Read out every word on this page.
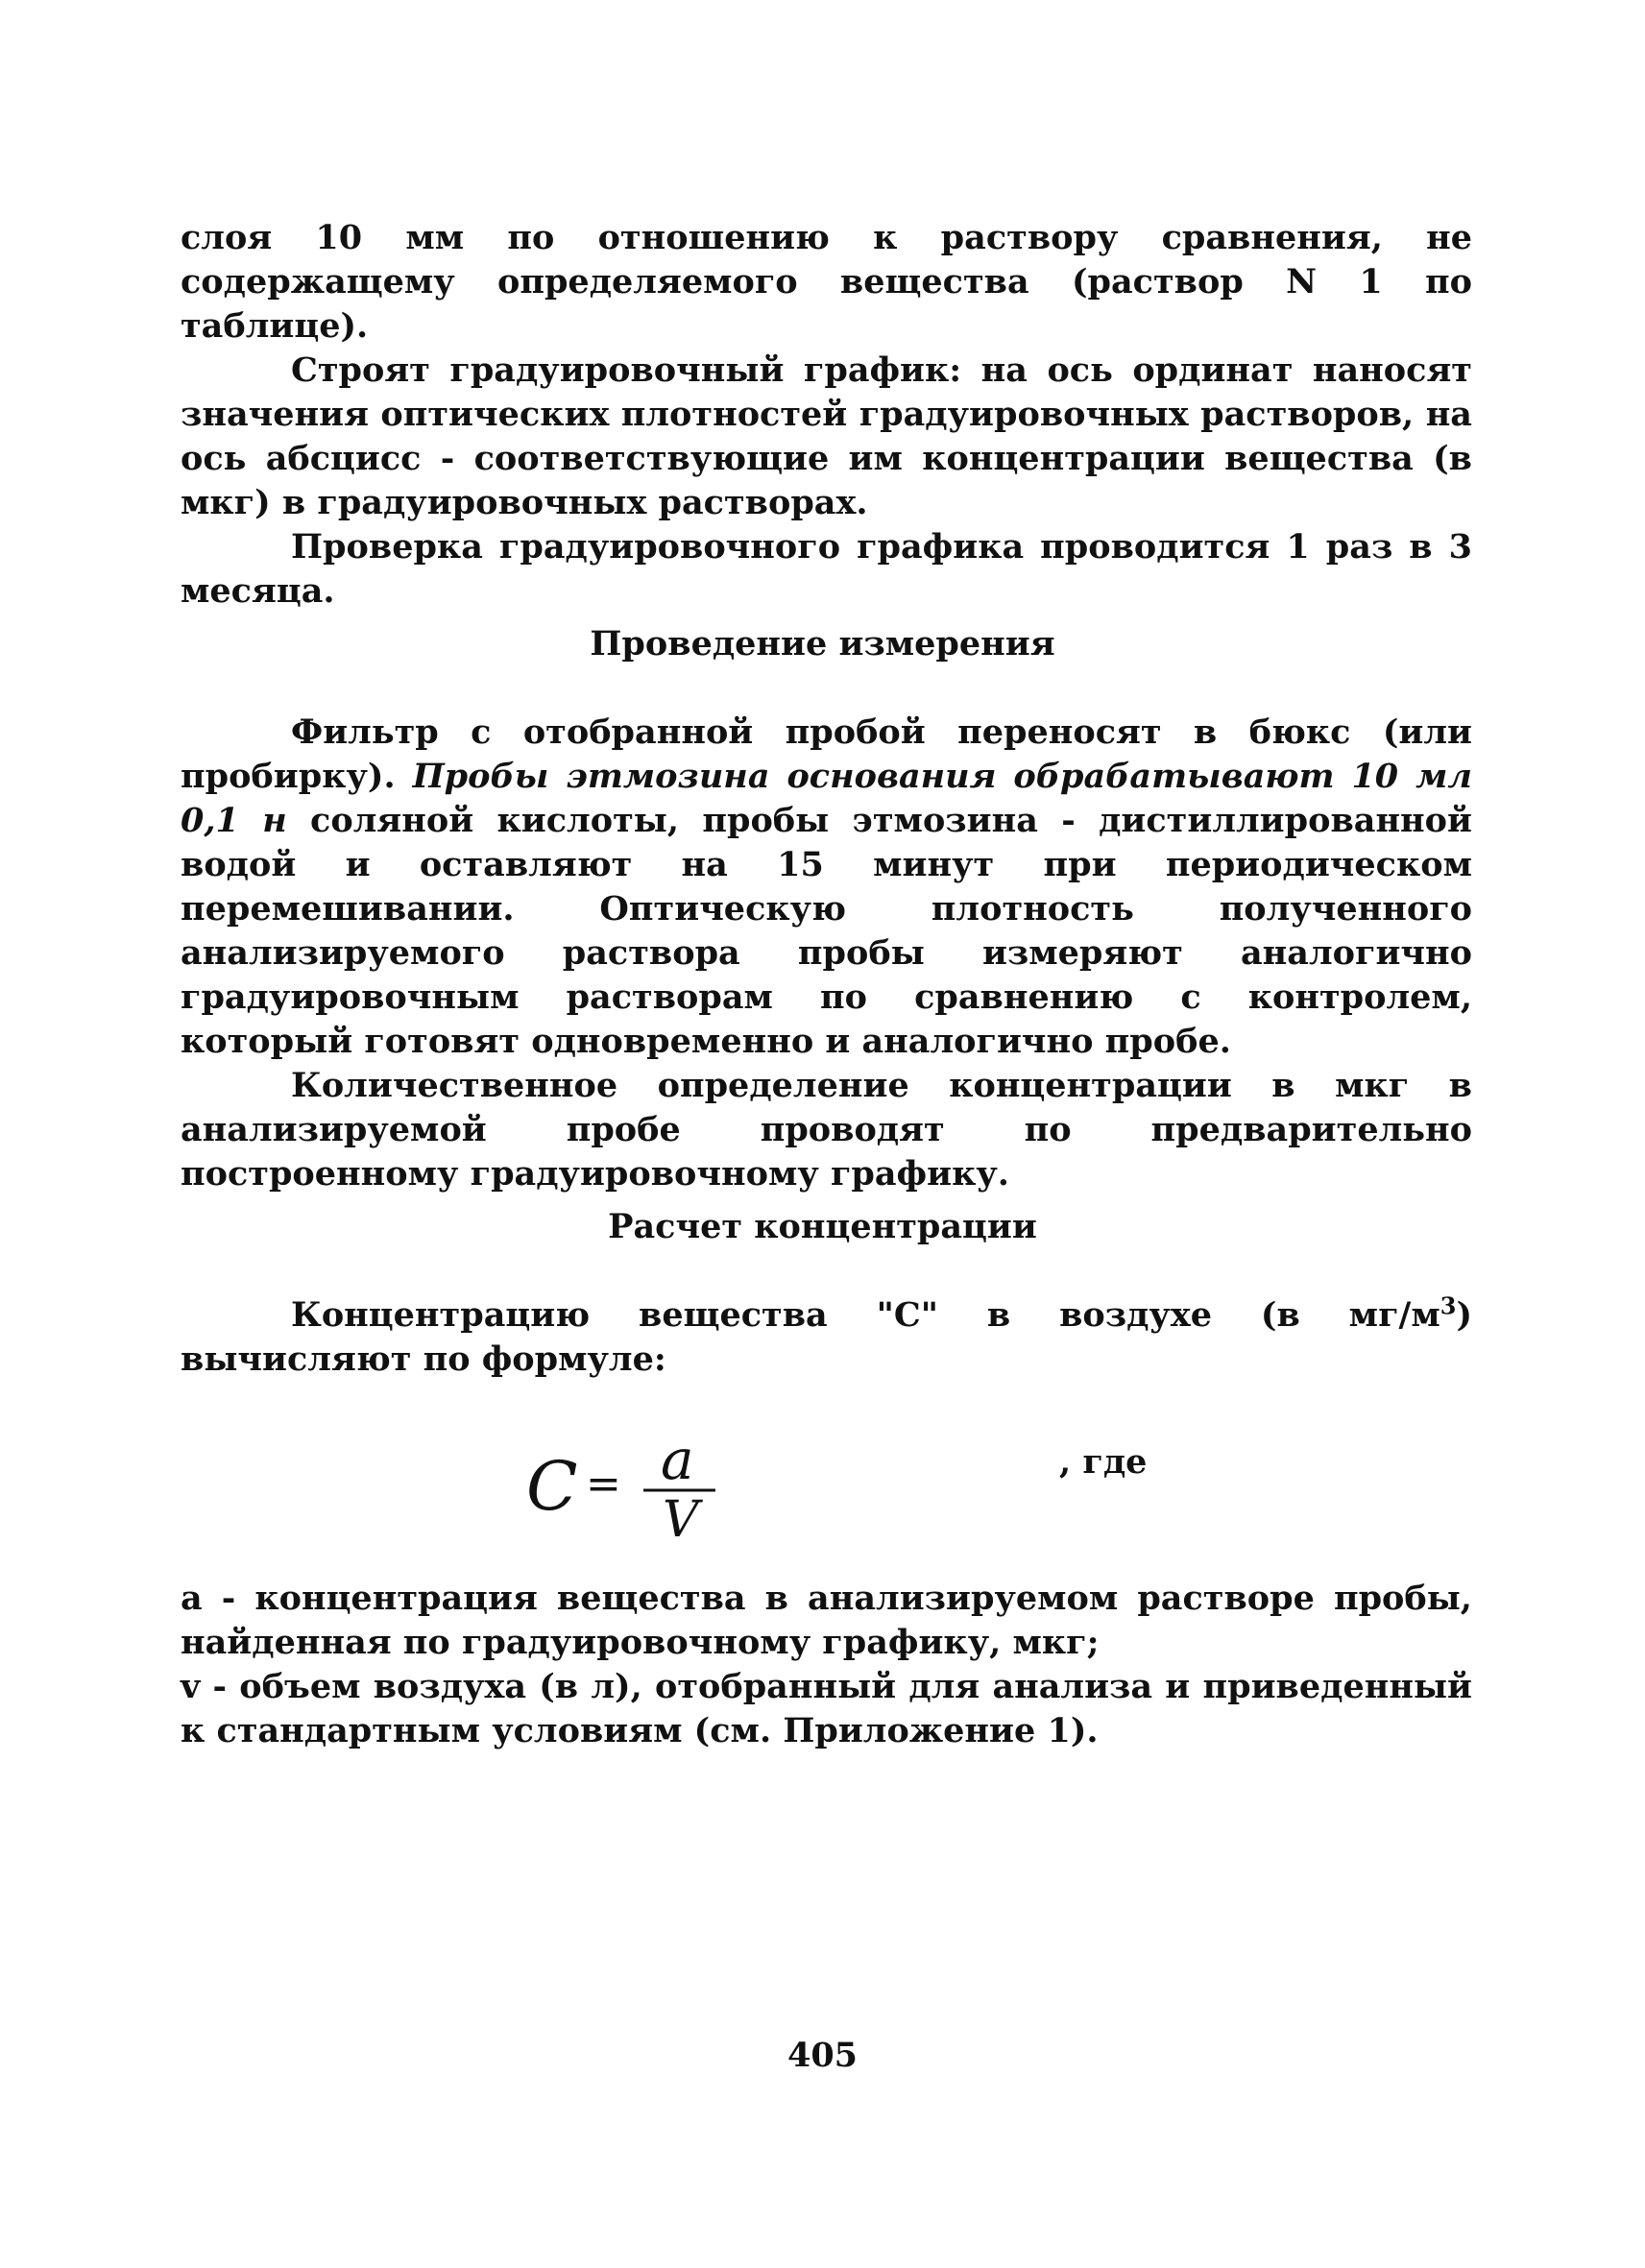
слоя 10 мм по отношению к раствору сравнения, не содержащему определяемого вещества (раствор N 1 по таблице).

Строят градуировочный график: на ось ординат наносят значения оптических плотностей градуировочных растворов, на ось абсцисс - соответствующие им концентрации вещества (в мкг) в градуировочных растворах.

Проверка градуировочного графика проводится 1 раз в 3 месяца.

Проведение измерения

Фильтр с отобранной пробой переносят в бюкс (или пробирку). Пробы этмозина основания обрабатывают 10 мл 0,1 н соляной кислоты, пробы этмозина - дистиллированной водой и оставляют на 15 минут при периодическом перемешивании. Оптическую плотность полученного анализируемого раствора пробы измеряют аналогично градуировочным растворам по сравнению с контролем, который готовят одновременно и аналогично пробе.

Количественное определение концентрации в мкг в анализируемой пробе проводят по предварительно построенному градуировочному графику.

Расчет концентрации

Концентрацию вещества "С" в воздухе (в $мг/м^3$) вычисляют по формуле:

C = a
V
, где

а - концентрация вещества в анализируемом растворе пробы, найденная по градуировочному графику, мкг;

v - объем воздуха (в л), отобранный для анализа и приведенный к стандартным условиям (см. Приложение 1).

405
